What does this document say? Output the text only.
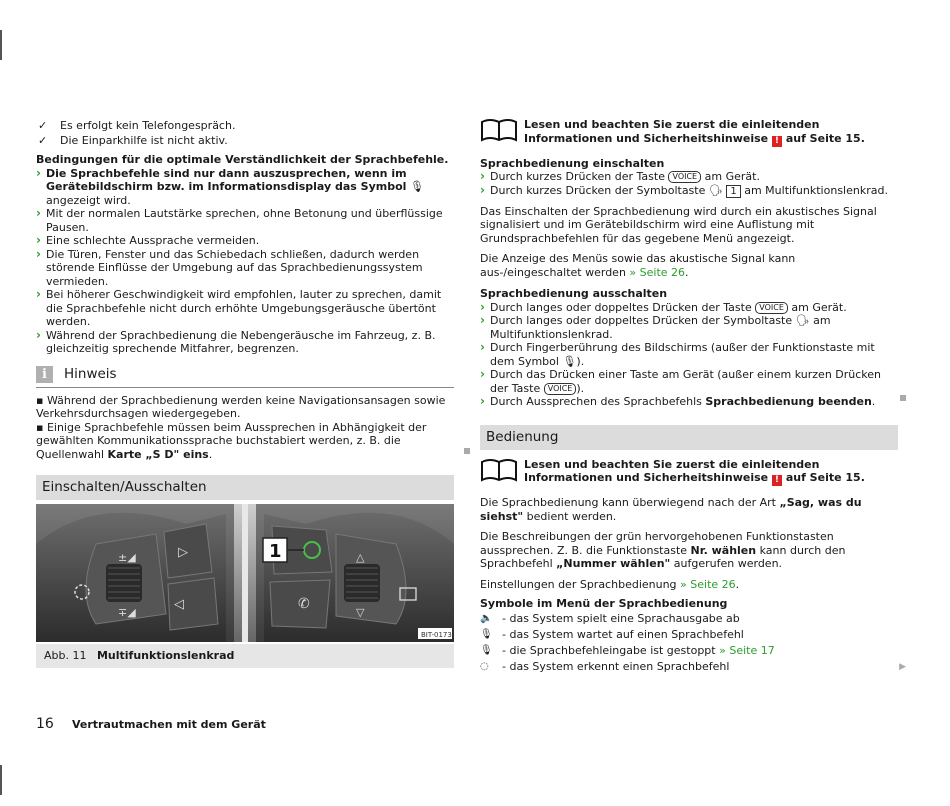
✓	Es erfolgt kein Telefongespräch.
✓	Die Einparkhilfe ist nicht aktiv.

Bedingungen für die optimale Verständlichkeit der Sprachbefehle.

› Die Sprachbefehle sind nur dann auszusprechen, wenn im Gerätebildschirm bzw. im Informationsdisplay das Symbol 🎙 angezeigt wird.
› Mit der normalen Lautstärke sprechen, ohne Betonung und überflüssige Pausen.
› Eine schlechte Aussprache vermeiden.
› Die Türen, Fenster und das Schiebedach schließen, dadurch werden störende Einflüsse der Umgebung auf das Sprachbedienungssystem vermieden.
› Bei höherer Geschwindigkeit wird empfohlen, lauter zu sprechen, damit die Sprachbefehle nicht durch erhöhte Umgebungsgeräusche übertönt werden.
› Während der Sprachbedienung die Nebengeräusche im Fahrzeug, z. B. gleichzeitig sprechende Mitfahrer, begrenzen.
i	Hinweis

▪ Während der Sprachbedienung werden keine Navigationsansagen sowie Verkehrsdurchsagen wiedergegeben.

▪ Einige Sprachbefehle müssen beim Aussprechen in Abhängigkeit der gewählten Kommunikationssprache buchstabiert werden, z. B. die Quellenwahl Karte „S D" eins.

Einschalten/Ausschalten
±◢
∓◢
▷
◁
△
▽
✆
1
BIT-0173
Abb. 11 Multifunktionslenkrad

Lesen und beachten Sie zuerst die einleitenden Informationen und Sicherheitshinweise ! auf Seite 15.

Sprachbedienung einschalten

› Durch kurzes Drücken der Taste VOICE am Gerät.
› Durch kurzes Drücken der Symboltaste 🗣 1 am Multifunktionslenkrad.

Das Einschalten der Sprachbedienung wird durch ein akustisches Signal signalisiert und im Gerätebildschirm wird eine Auflistung mit Grundsprachbefehlen für das gegebene Menü angezeigt.

Die Anzeige des Menüs sowie das akustische Signal kann aus-/eingeschaltet werden » Seite 26.

Sprachbedienung ausschalten

› Durch langes oder doppeltes Drücken der Taste VOICE am Gerät.
› Durch langes oder doppeltes Drücken der Symboltaste 🗣 am Multifunktionslenkrad.
› Durch Fingerberührung des Bildschirms (außer der Funktionstaste mit dem Symbol 🎙).
› Durch das Drücken einer Taste am Gerät (außer einem kurzen Drücken der Taste VOICE ).
› Durch Aussprechen des Sprachbefehls Sprachbedienung beenden.
Bedienung

Lesen und beachten Sie zuerst die einleitenden Informationen und Sicherheitshinweise ! auf Seite 15.

Die Sprachbedienung kann überwiegend nach der Art „Sag, was du siehst" bedient werden.

Die Beschreibungen der grün hervorgehobenen Funktionstasten aussprechen. Z. B. die Funktionstaste Nr. wählen kann durch den Sprachbefehl „Nummer wählen" aufgerufen werden.

Einstellungen der Sprachbedienung » Seite 26.

Symbole im Menü der Sprachbedienung

🔈 - das System spielt eine Sprachausgabe ab
🎙 - das System wartet auf einen Sprachbefehl
🎙 - die Sprachbefehleingabe ist gestoppt » Seite 17
◌	- das System erkennt einen Sprachbefehl	▶
16 Vertrautmachen mit dem Gerät
